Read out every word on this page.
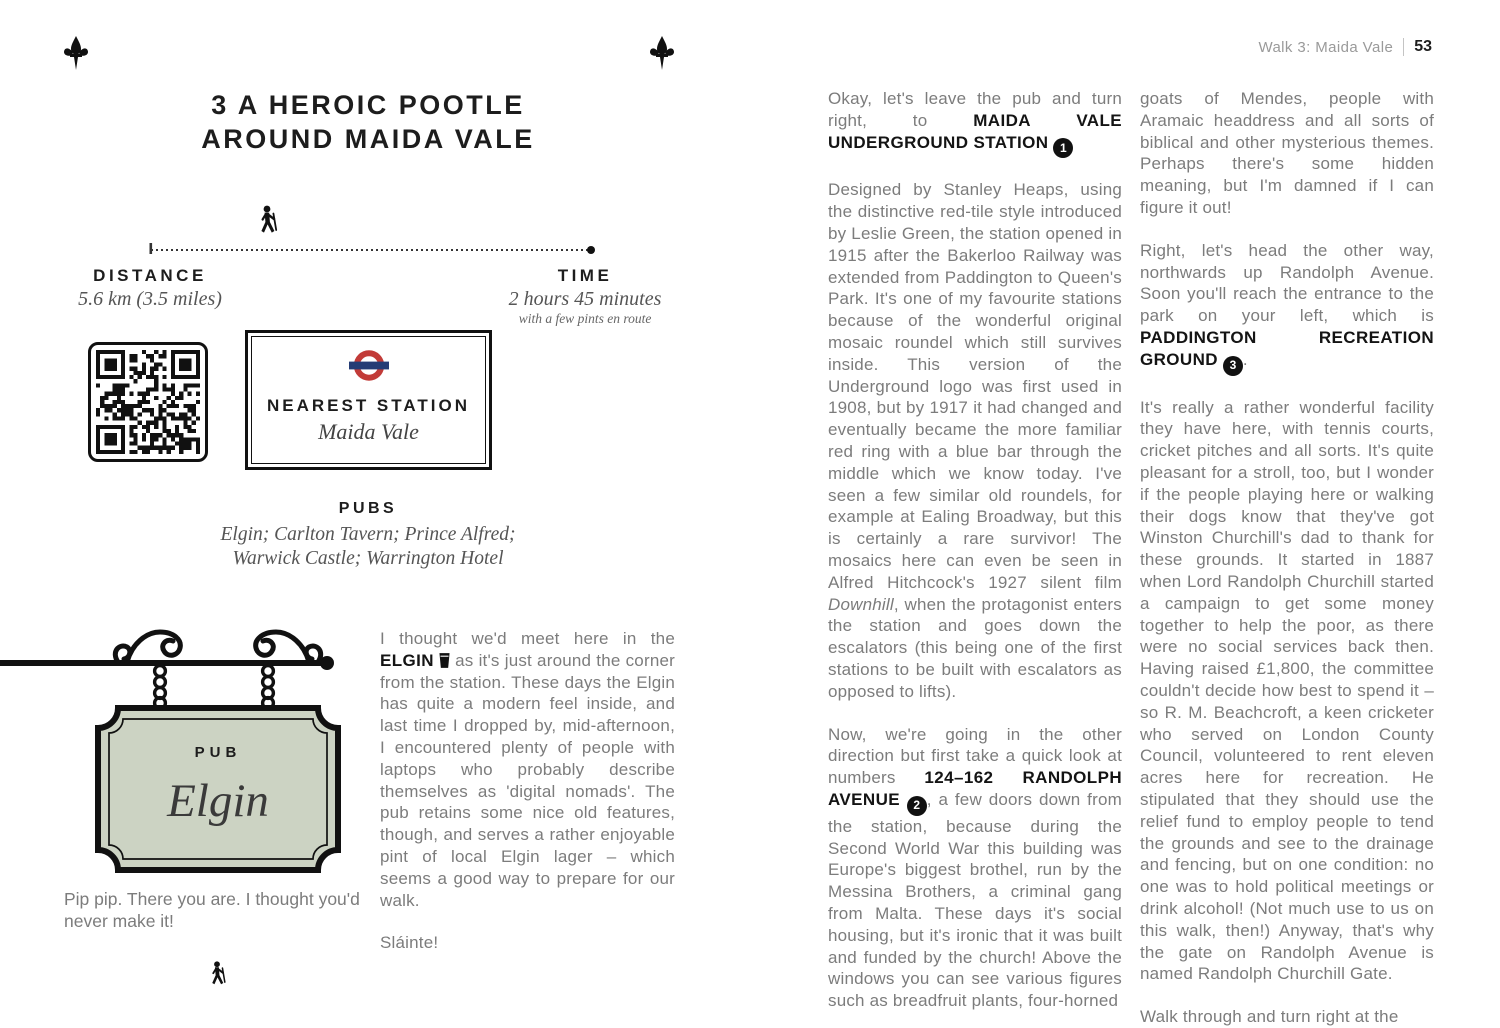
3 A HEROIC POOTLE
AROUND MAIDA VALE
DISTANCE
5.6 km (3.5 miles)
TIME
2 hours 45 minutes
with a few pints en route
NEAREST STATION
Maida Vale
PUBS
Elgin; Carlton Tavern; Prince Alfred;
Warwick Castle; Warrington Hotel
PUB
Elgin

I thought we'd meet here in the ELGIN  as it's just around the corner from the station. These days the Elgin has quite a modern feel inside, and last time I dropped by, mid-afternoon, I encountered plenty of people with laptops who probably describe themselves as 'digital nomads'. The pub retains some nice old features, though, and serves a rather enjoyable pint of local Elgin lager – which seems a good way to prepare for our walk.

Sláinte!

Pip pip. There you are. I thought you'd never make it!
Walk 3: Maida Vale 53

Okay, let's leave the pub and turn right, to MAIDA VALE UNDERGROUND STATION 1

Designed by Stanley Heaps, using the distinctive red-tile style introduced by Leslie Green, the station opened in 1915 after the Bakerloo Railway was extended from Paddington to Queen's Park. It's one of my favourite stations because of the wonderful original mosaic roundel which still survives inside. This version of the Underground logo was first used in 1908, but by 1917 it had changed and eventually became the more familiar red ring with a blue bar through the middle which we know today. I've seen a few similar old roundels, for example at Ealing Broadway, but this is certainly a rare survivor! The mosaics here can even be seen in Alfred Hitchcock's 1927 silent film Downhill, when the protagonist enters the station and goes down the escalators (this being one of the first stations to be built with escalators as opposed to lifts).

Now, we're going in the other direction but first take a quick look at numbers 124–162 RANDOLPH AVENUE 2 , a few doors down from the station, because during the Second World War this building was Europe's biggest brothel, run by the Messina Brothers, a criminal gang from Malta. These days it's social housing, but it's ironic that it was built and funded by the church! Above the windows you can see various figures such as breadfruit plants, four-horned

goats of Mendes, people with Aramaic headdress and all sorts of biblical and other mysterious themes. Perhaps there's some hidden meaning, but I'm damned if I can figure it out!

Right, let's head the other way, northwards up Randolph Avenue. Soon you'll reach the entrance to the park on your left, which is PADDINGTON RECREATION GROUND 3 .

It's really a rather wonderful facility they have here, with tennis courts, cricket pitches and all sorts. It's quite pleasant for a stroll, too, but I wonder if the people playing here or walking their dogs know that they've got Winston Churchill's dad to thank for these grounds. It started in 1887 when Lord Randolph Churchill started a campaign to get some money together to help the poor, as there were no social services back then. Having raised £1,800, the committee couldn't decide how best to spend it – so R. M. Beachcroft, a keen cricketer who served on London County Council, volunteered to rent eleven acres here for recreation. He stipulated that they should use the relief fund to employ people to tend the grounds and see to the drainage and fencing, but on one condition: no one was to hold political meetings or drink alcohol! (Not much use to us on this walk, then!) Anyway, that's why the gate on Randolph Avenue is named Randolph Churchill Gate.

Walk through and turn right at the
